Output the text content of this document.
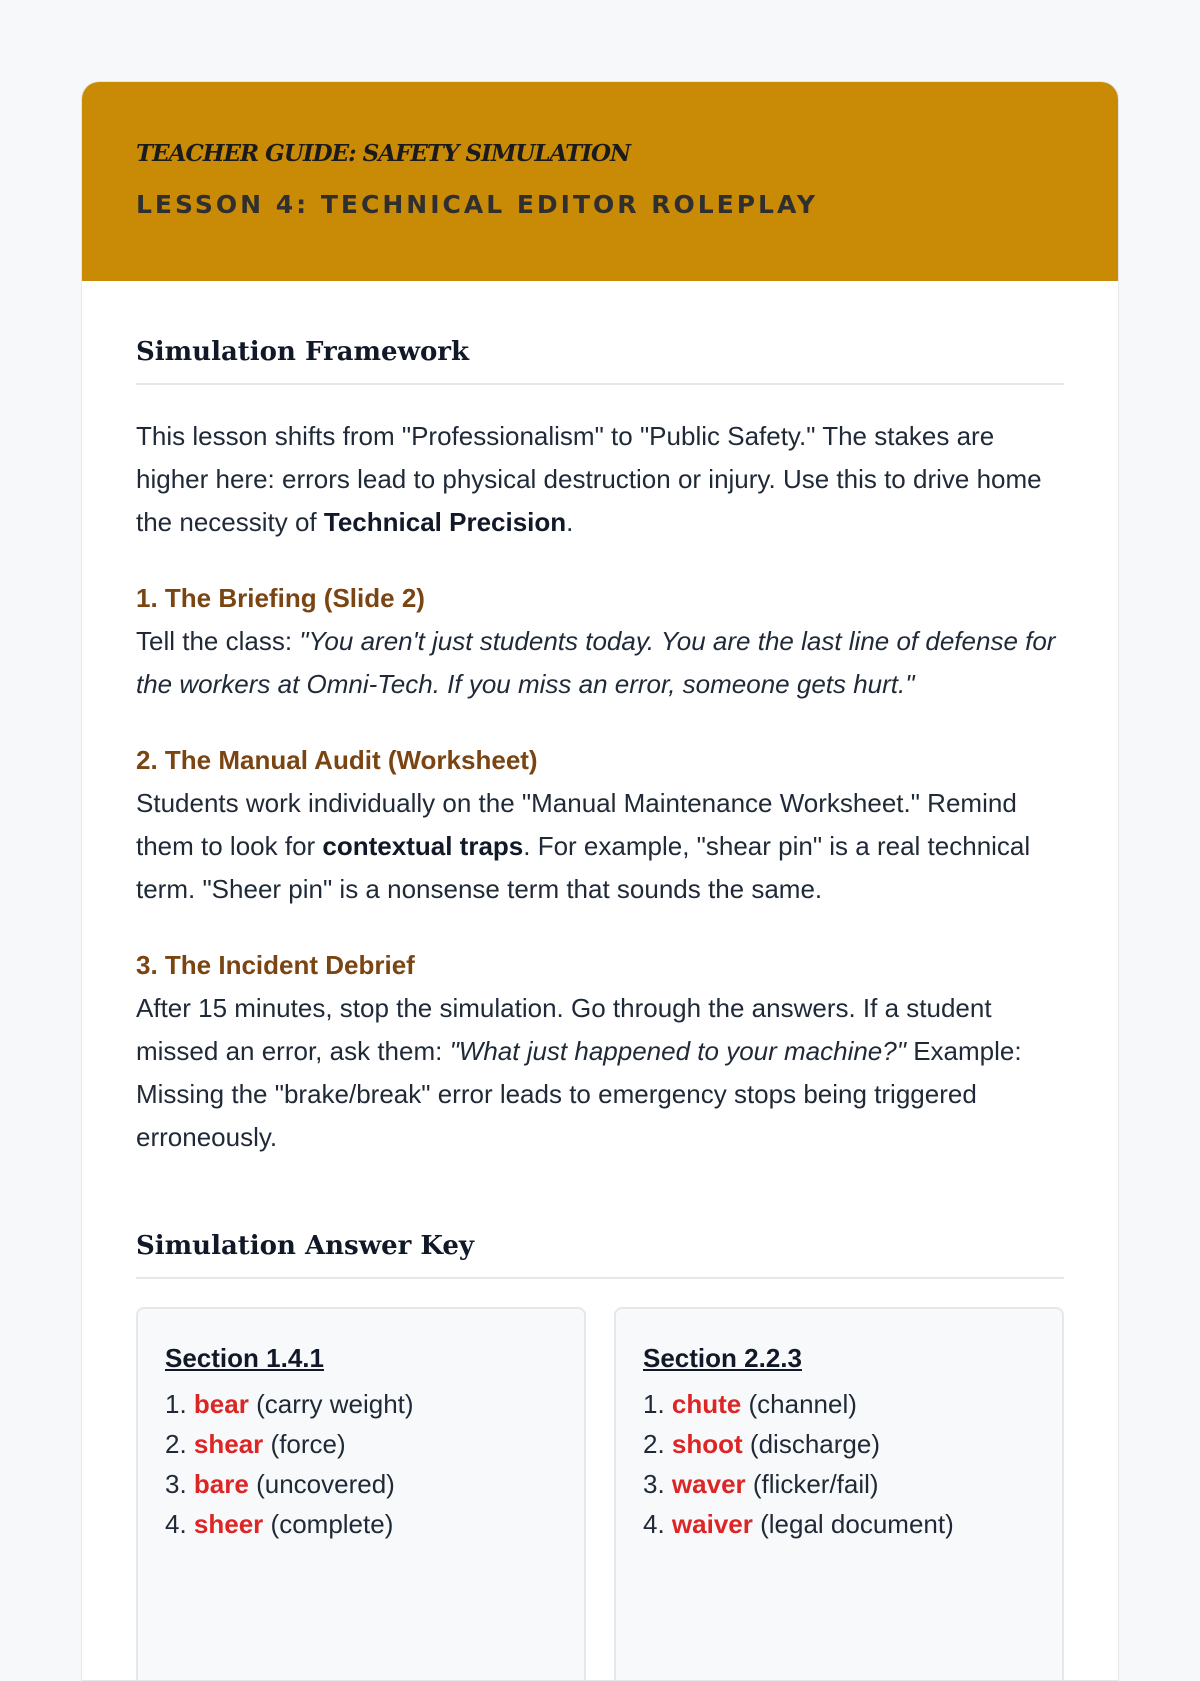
TEACHER GUIDE: SAFETY SIMULATION
LESSON 4: TECHNICAL EDITOR ROLEPLAY
Simulation Framework

This lesson shifts from "Professionalism" to "Public Safety." The stakes are higher here: errors lead to physical destruction or injury. Use this to drive home the necessity of Technical Precision.

1. The Briefing (Slide 2)

Tell the class: "You aren't just students today. You are the last line of defense for the workers at Omni-Tech. If you miss an error, someone gets hurt."

2. The Manual Audit (Worksheet)

Students work individually on the "Manual Maintenance Worksheet." Remind them to look for contextual traps. For example, "shear pin" is a real technical term. "Sheer pin" is a nonsense term that sounds the same.

3. The Incident Debrief

After 15 minutes, stop the simulation. Go through the answers. If a student missed an error, ask them: "What just happened to your machine?" Example: Missing the "brake/break" error leads to emergency stops being triggered erroneously.

Simulation Answer Key
Section 1.4.1
1. bear (carry weight)
2. shear (force)
3. bare (uncovered)
4. sheer (complete)
Section 2.2.3
1. chute (channel)
2. shoot (discharge)
3. waver (flicker/fail)
4. waiver (legal document)
